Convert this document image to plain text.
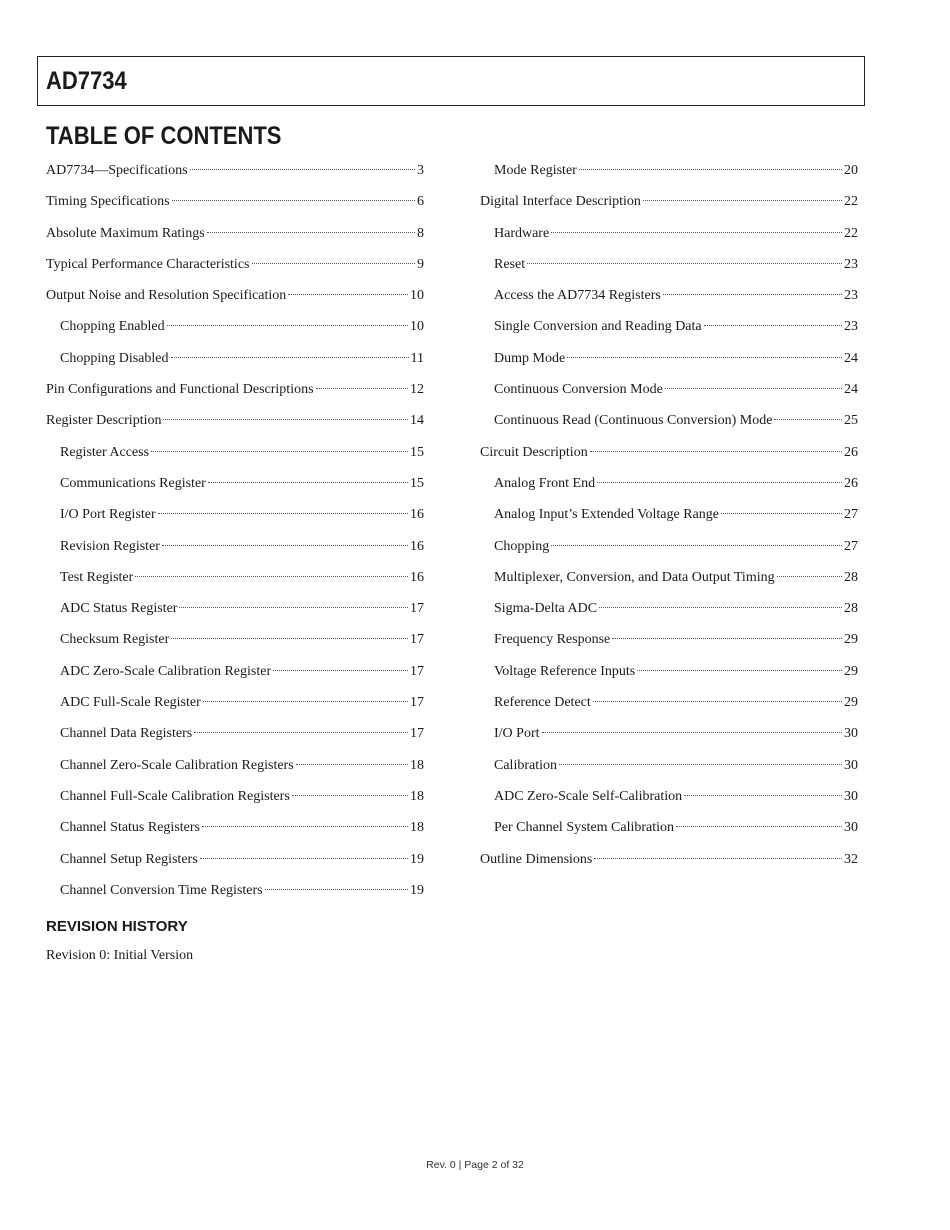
AD7734
TABLE OF CONTENTS
AD7734—Specifications	3
Timing Specifications	6
Absolute Maximum Ratings	8
Typical Performance Characteristics	9
Output Noise and Resolution Specification	10
Chopping Enabled	10
Chopping Disabled	11
Pin Configurations and Functional Descriptions	12
Register Description	14
Register Access	15
Communications Register	15
I/O Port Register	16
Revision Register	16
Test Register	16
ADC Status Register	17
Checksum Register	17
ADC Zero-Scale Calibration Register	17
ADC Full-Scale Register	17
Channel Data Registers	17
Channel Zero-Scale Calibration Registers	18
Channel Full-Scale Calibration Registers	18
Channel Status Registers	18
Channel Setup Registers	19
Channel Conversion Time Registers	19
Mode Register	20
Digital Interface Description	22
Hardware	22
Reset	23
Access the AD7734 Registers	23
Single Conversion and Reading Data	23
Dump Mode	24
Continuous Conversion Mode	24
Continuous Read (Continuous Conversion) Mode	25
Circuit Description	26
Analog Front End	26
Analog Input’s Extended Voltage Range	27
Chopping	27
Multiplexer, Conversion, and Data Output Timing	28
Sigma-Delta ADC	28
Frequency Response	29
Voltage Reference Inputs	29
Reference Detect	29
I/O Port	30
Calibration	30
ADC Zero-Scale Self-Calibration	30
Per Channel System Calibration	30
Outline Dimensions	32
REVISION HISTORY
Revision 0: Initial Version
Rev. 0 | Page 2 of 32
